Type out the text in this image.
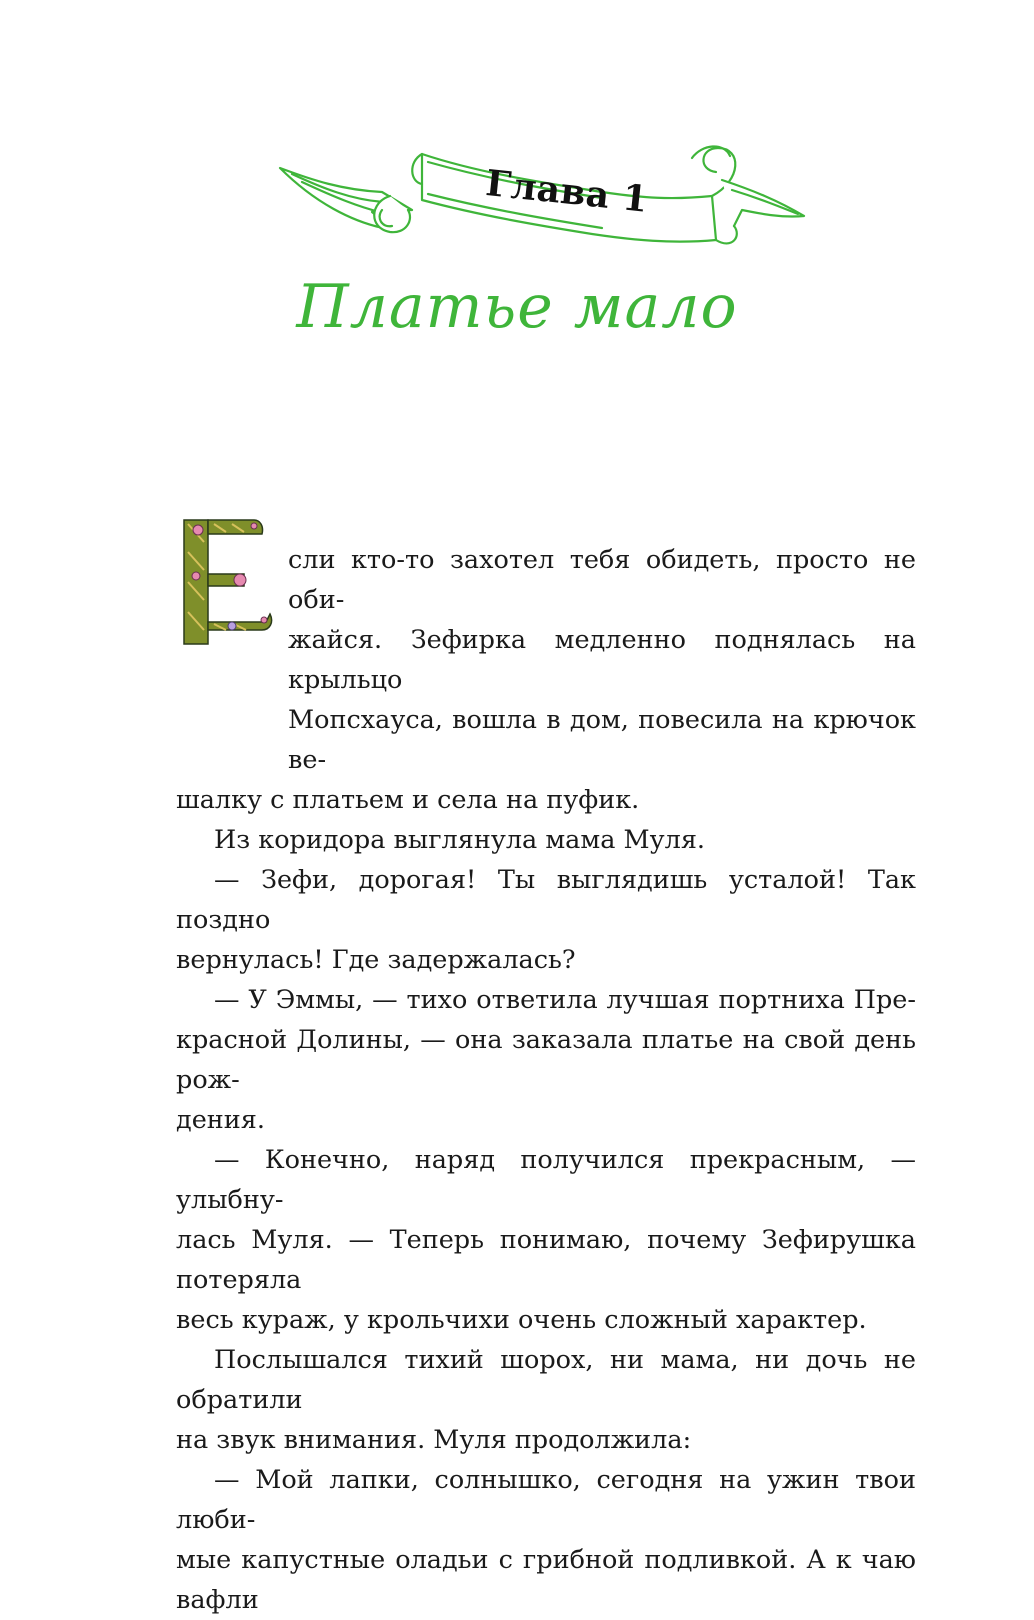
Глава 1
Платье мало

сли кто-то захотел тебя обидеть, просто не оби-

жайся. Зефирка медленно поднялась на крыльцо

Мопсхауса, вошла в дом, повесила на крючок ве-

шалку с платьем и села на пуфик.

Из коридора выглянула мама Муля.

— Зефи, дорогая! Ты выглядишь усталой! Так поздно

вернулась! Где задержалась?

— У Эммы, — тихо ответила лучшая портниха Пре-

красной Долины, — она заказала платье на свой день рож-

дения.

— Конечно, наряд получился прекрасным, — улыбну-

лась Муля. — Теперь понимаю, почему Зефирушка потеряла

весь кураж, у крольчихи очень сложный характер.

Послышался тихий шорох, ни мама, ни дочь не обратили

на звук внимания. Муля продолжила:

— Мой лапки, солнышко, сегодня на ужин твои люби-

мые капустные оладьи с грибной подливкой. А к чаю вафли
